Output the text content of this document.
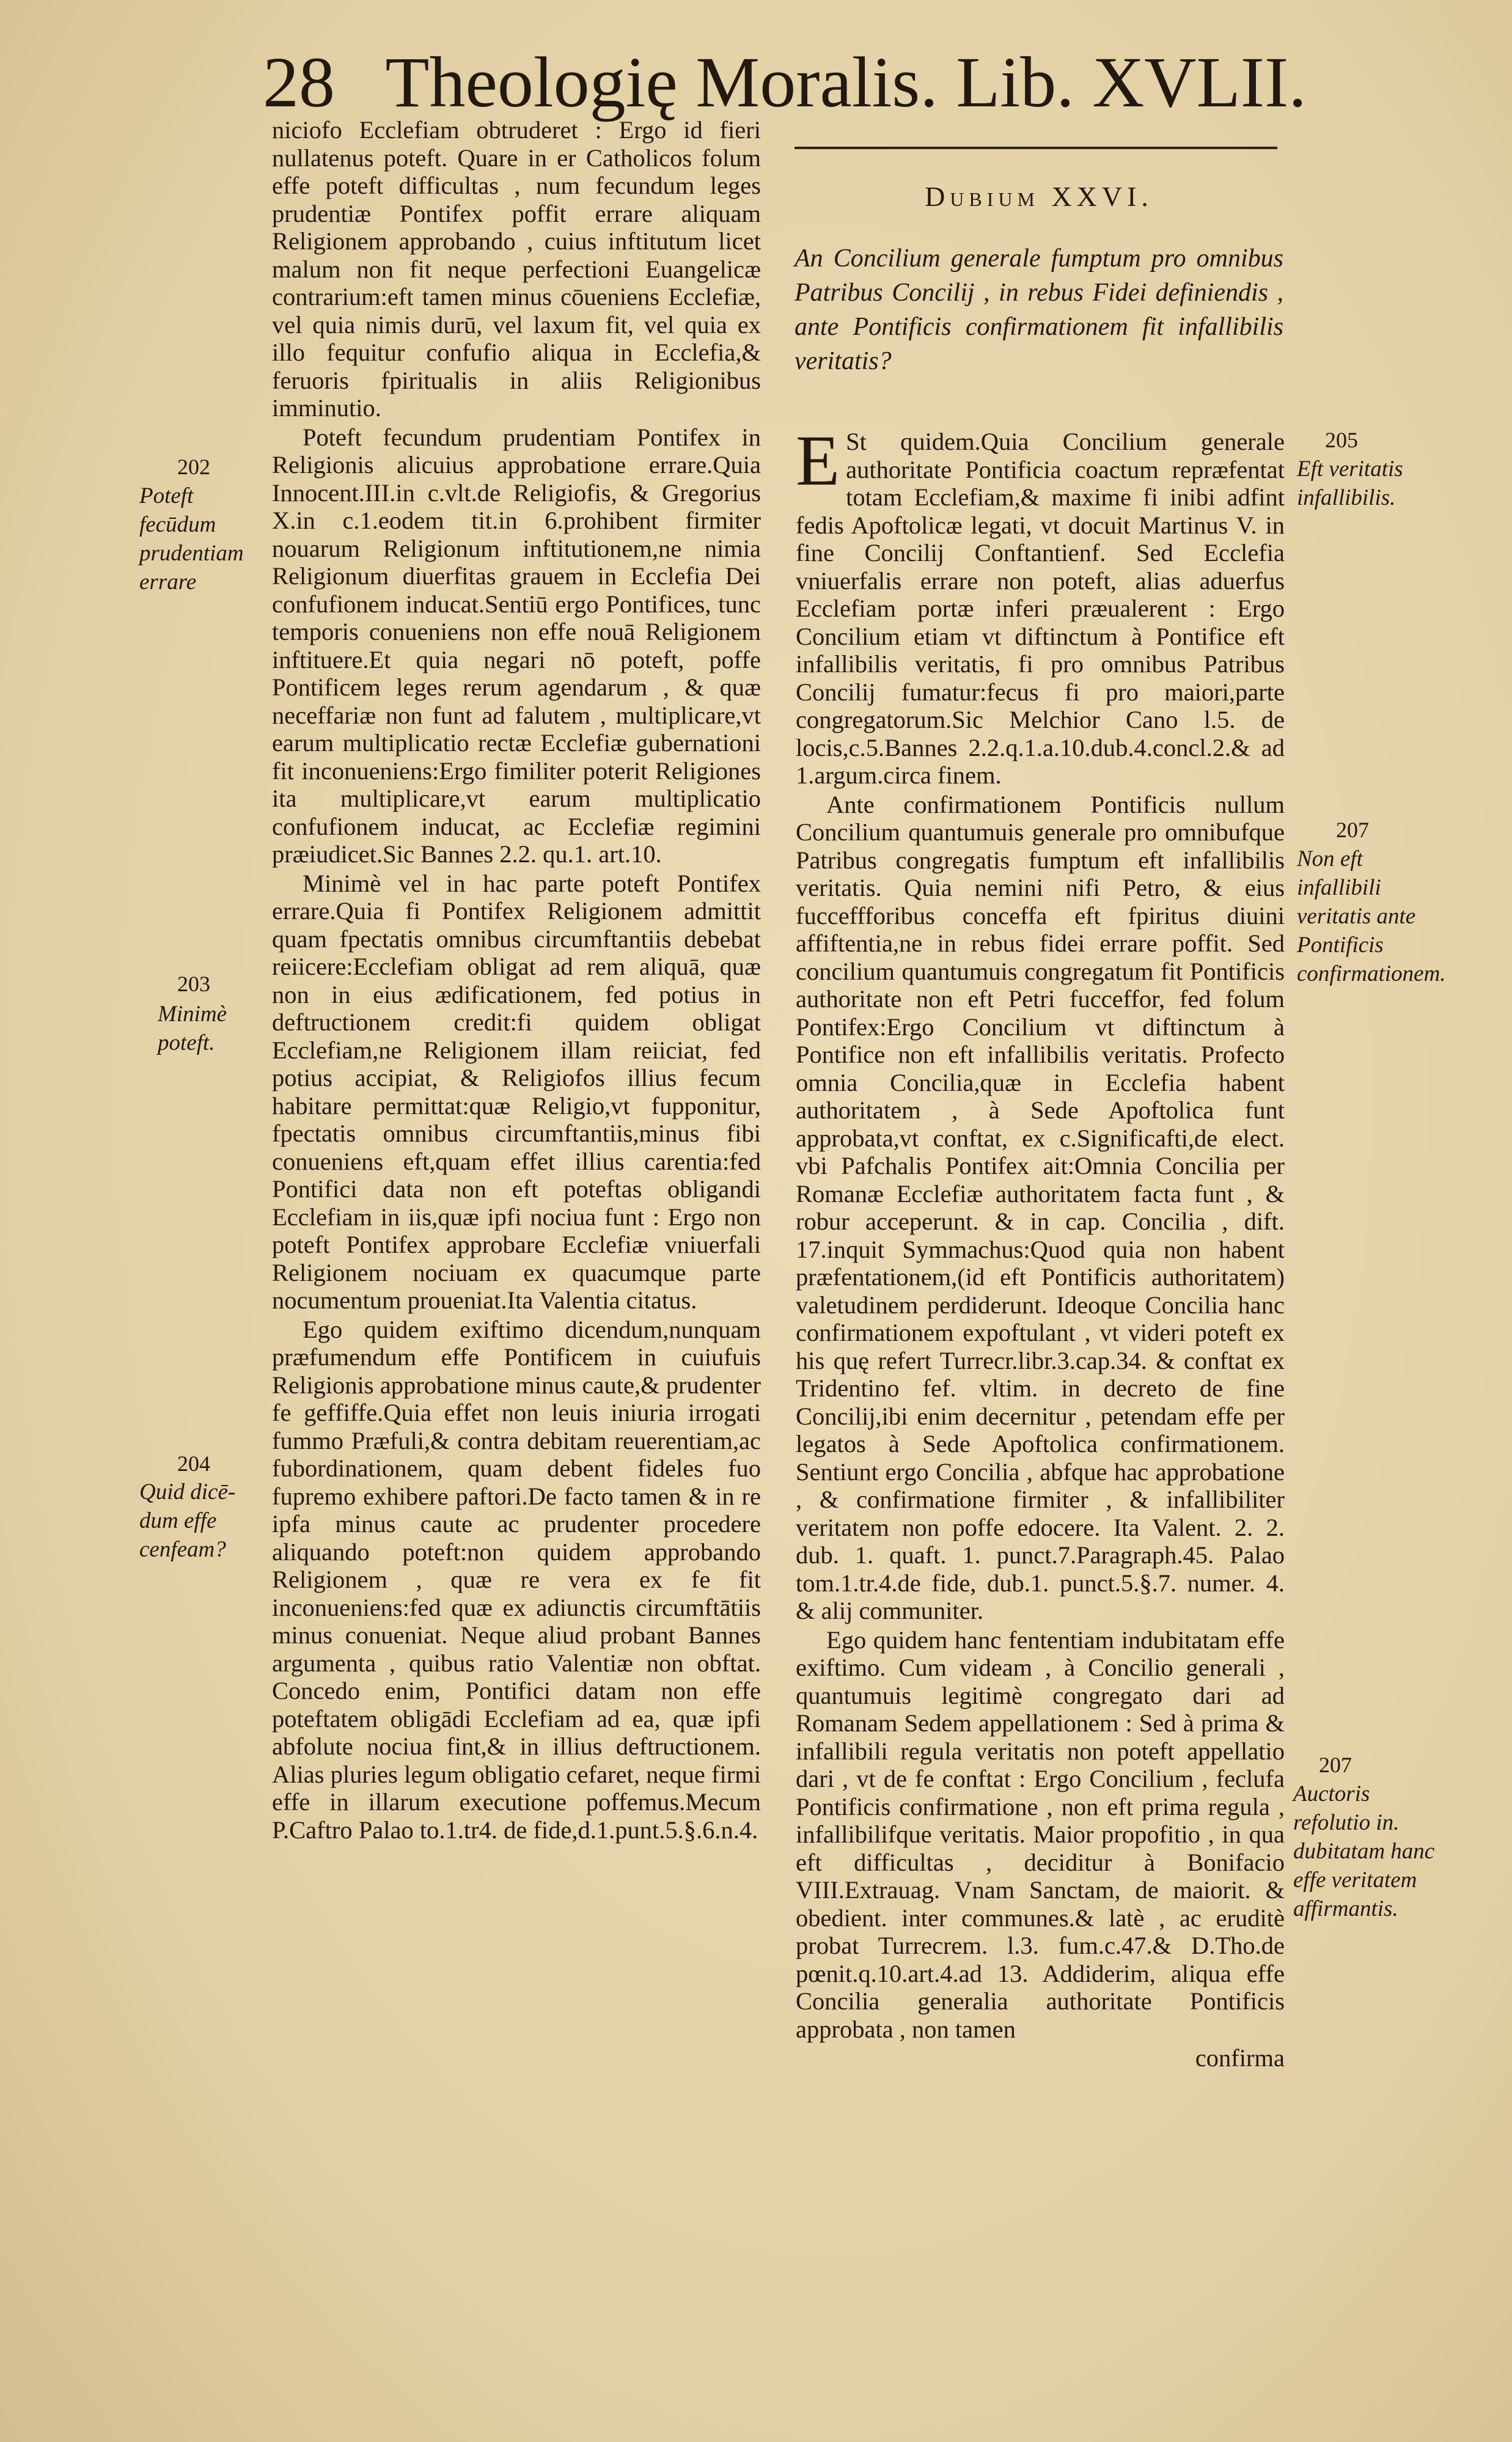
28 Theologię Moralis. Lib. XVLII.

niciofo Ecclefiam obtruderet : Ergo id fieri nullatenus poteft. Quare in er Catholicos folum effe poteft difficultas , num fecundum leges prudentiæ Pontifex poffit errare aliquam Religionem approbando , cuius inftitutum licet malum non fit neque perfectioni Euangelicæ contrarium:eft tamen minus cōueniens Ecclefiæ, vel quia nimis durū, vel laxum fit, vel quia ex illo fequitur confufio aliqua in Ecclefia,& feruoris fpiritualis in aliis Religionibus imminutio.

Poteft fecundum prudentiam Pontifex in Religionis alicuius approbatione errare.Quia Innocent.III.in c.vlt.de Religiofis, & Gregorius X.in c.1.eodem tit.in 6.prohibent firmiter nouarum Religionum inftitutionem,ne nimia Religionum diuerfitas grauem in Ecclefia Dei confufionem inducat.Sentiū ergo Pontifices, tunc temporis conueniens non effe nouā Religionem inftituere.Et quia negari nō poteft, poffe Pontificem leges rerum agendarum , & quæ neceffariæ non funt ad falutem , multiplicare,vt earum multiplicatio rectæ Ecclefiæ gubernationi fit inconueniens:Ergo fimiliter poterit Religiones ita multiplicare,vt earum multiplicatio confufionem inducat, ac Ecclefiæ regimini præiudicet.Sic Bannes 2.2. qu.1. art.10.

Minimè vel in hac parte poteft Pontifex errare.Quia fi Pontifex Religionem admittit quam fpectatis omnibus circumftantiis debebat reiicere:Ecclefiam obligat ad rem aliquā, quæ non in eius ædificationem, fed potius in deftructionem credit:fi quidem obligat Ecclefiam,ne Religionem illam reiiciat, fed potius accipiat, & Religiofos illius fecum habitare permittat:quæ Religio,vt fupponitur, fpectatis omnibus circumftantiis,minus fibi conueniens eft,quam effet illius carentia:fed Pontifici data non eft poteftas obligandi Ecclefiam in iis,quæ ipfi nociua funt : Ergo non poteft Pontifex approbare Ecclefiæ vniuerfali Religionem nociuam ex quacumque parte nocumentum proueniat.Ita Valentia citatus.

Ego quidem exiftimo dicendum,nunquam præfumendum effe Pontificem in cuiufuis Religionis approbatione minus caute,& prudenter fe geffiffe.Quia effet non leuis iniuria irrogati fummo Præfuli,& contra debitam reuerentiam,ac fubordinationem, quam debent fideles fuo fupremo exhibere paftori.De facto tamen & in re ipfa minus caute ac prudenter procedere aliquando poteft:non quidem approbando Religionem , quæ re vera ex fe fit inconueniens:fed quæ ex adiunctis circumftātiis minus conueniat. Neque aliud probant Bannes argumenta , quibus ratio Valentiæ non obftat. Concedo enim, Pontifici datam non effe poteftatem obligādi Ecclefiam ad ea, quæ ipfi abfolute nociua fint,& in illius deftructionem. Alias pluries legum obligatio cefaret, neque firmi effe in illarum executione poffemus.Mecum P.Caftro Palao to.1.tr4. de fide,d.1.punt.5.§.6.n.4.

202
Poteft fecūdum prudentiam errare
203
Minimè poteft.
204
Quid dicē-dum effe cenfeam?
Dubium XXVI.
An Concilium generale fumptum pro omnibus Patribus Concilij , in rebus Fidei definiendis , ante Pontificis confirmationem fit infallibilis veritatis?

E St quidem.Quia Concilium generale authoritate Pontificia coactum repræfentat totam Ecclefiam,& maxime fi inibi adfint fedis Apoftolicæ legati, vt docuit Martinus V. in fine Concilij Conftantienf. Sed Ecclefia vniuerfalis errare non poteft, alias aduerfus Ecclefiam portæ inferi præualerent : Ergo Concilium etiam vt diftinctum à Pontifice eft infallibilis veritatis, fi pro omnibus Patribus Concilij fumatur:fecus fi pro maiori,parte congregatorum.Sic Melchior Cano l.5. de locis,c.5.Bannes 2.2.q.1.a.10.dub.4.concl.2.& ad 1.argum.circa finem.

Ante confirmationem Pontificis nullum Concilium quantumuis generale pro omnibufque Patribus congregatis fumptum eft infallibilis veritatis. Quia nemini nifi Petro, & eius fucceffforibus conceffa eft fpiritus diuini affiftentia,ne in rebus fidei errare poffit. Sed concilium quantumuis congregatum fit Pontificis authoritate non eft Petri fucceffor, fed folum Pontifex:Ergo Concilium vt diftinctum à Pontifice non eft infallibilis veritatis. Profecto omnia Concilia,quæ in Ecclefia habent authoritatem , à Sede Apoftolica funt approbata,vt conftat, ex c.Significafti,de elect. vbi Pafchalis Pontifex ait:Omnia Concilia per Romanæ Ecclefiæ authoritatem facta funt , & robur acceperunt. & in cap. Concilia , dift. 17.inquit Symmachus:Quod quia non habent præfentationem,(id eft Pontificis authoritatem) valetudinem perdiderunt. Ideoque Concilia hanc confirmationem expoftulant , vt videri poteft ex his quę refert Turrecr.libr.3.cap.34. & conftat ex Tridentino fef. vltim. in decreto de fine Concilij,ibi enim decernitur , petendam effe per legatos à Sede Apoftolica confirmationem. Sentiunt ergo Concilia , abfque hac approbatione , & confirmatione firmiter , & infallibiliter veritatem non poffe edocere. Ita Valent. 2. 2. dub. 1. quaft. 1. punct.7.Paragraph.45. Palao tom.1.tr.4.de fide, dub.1. punct.5.§.7. numer. 4. & alij communiter.

Ego quidem hanc fententiam indubitatam effe exiftimo. Cum videam , à Concilio generali , quantumuis legitimè congregato dari ad Romanam Sedem appellationem : Sed à prima & infallibili regula veritatis non poteft appellatio dari , vt de fe conftat : Ergo Concilium , feclufa Pontificis confirmatione , non eft prima regula , infallibilifque veritatis. Maior propofitio , in qua eft difficultas , deciditur à Bonifacio VIII.Extrauag. Vnam Sanctam, de maiorit. & obedient. inter communes.& latè , ac eruditè probat Turrecrem. l.3. fum.c.47.& D.Tho.de pœnit.q.10.art.4.ad 13. Addiderim, aliqua effe Concilia generalia authoritate Pontificis approbata , non tamen

confirma

205
Eft veritatis infallibilis.
207
Non eft infallibili veritatis ante Pontificis confirmationem.
207
Auctoris refolutio in. dubitatam hanc effe veritatem affirmantis.
